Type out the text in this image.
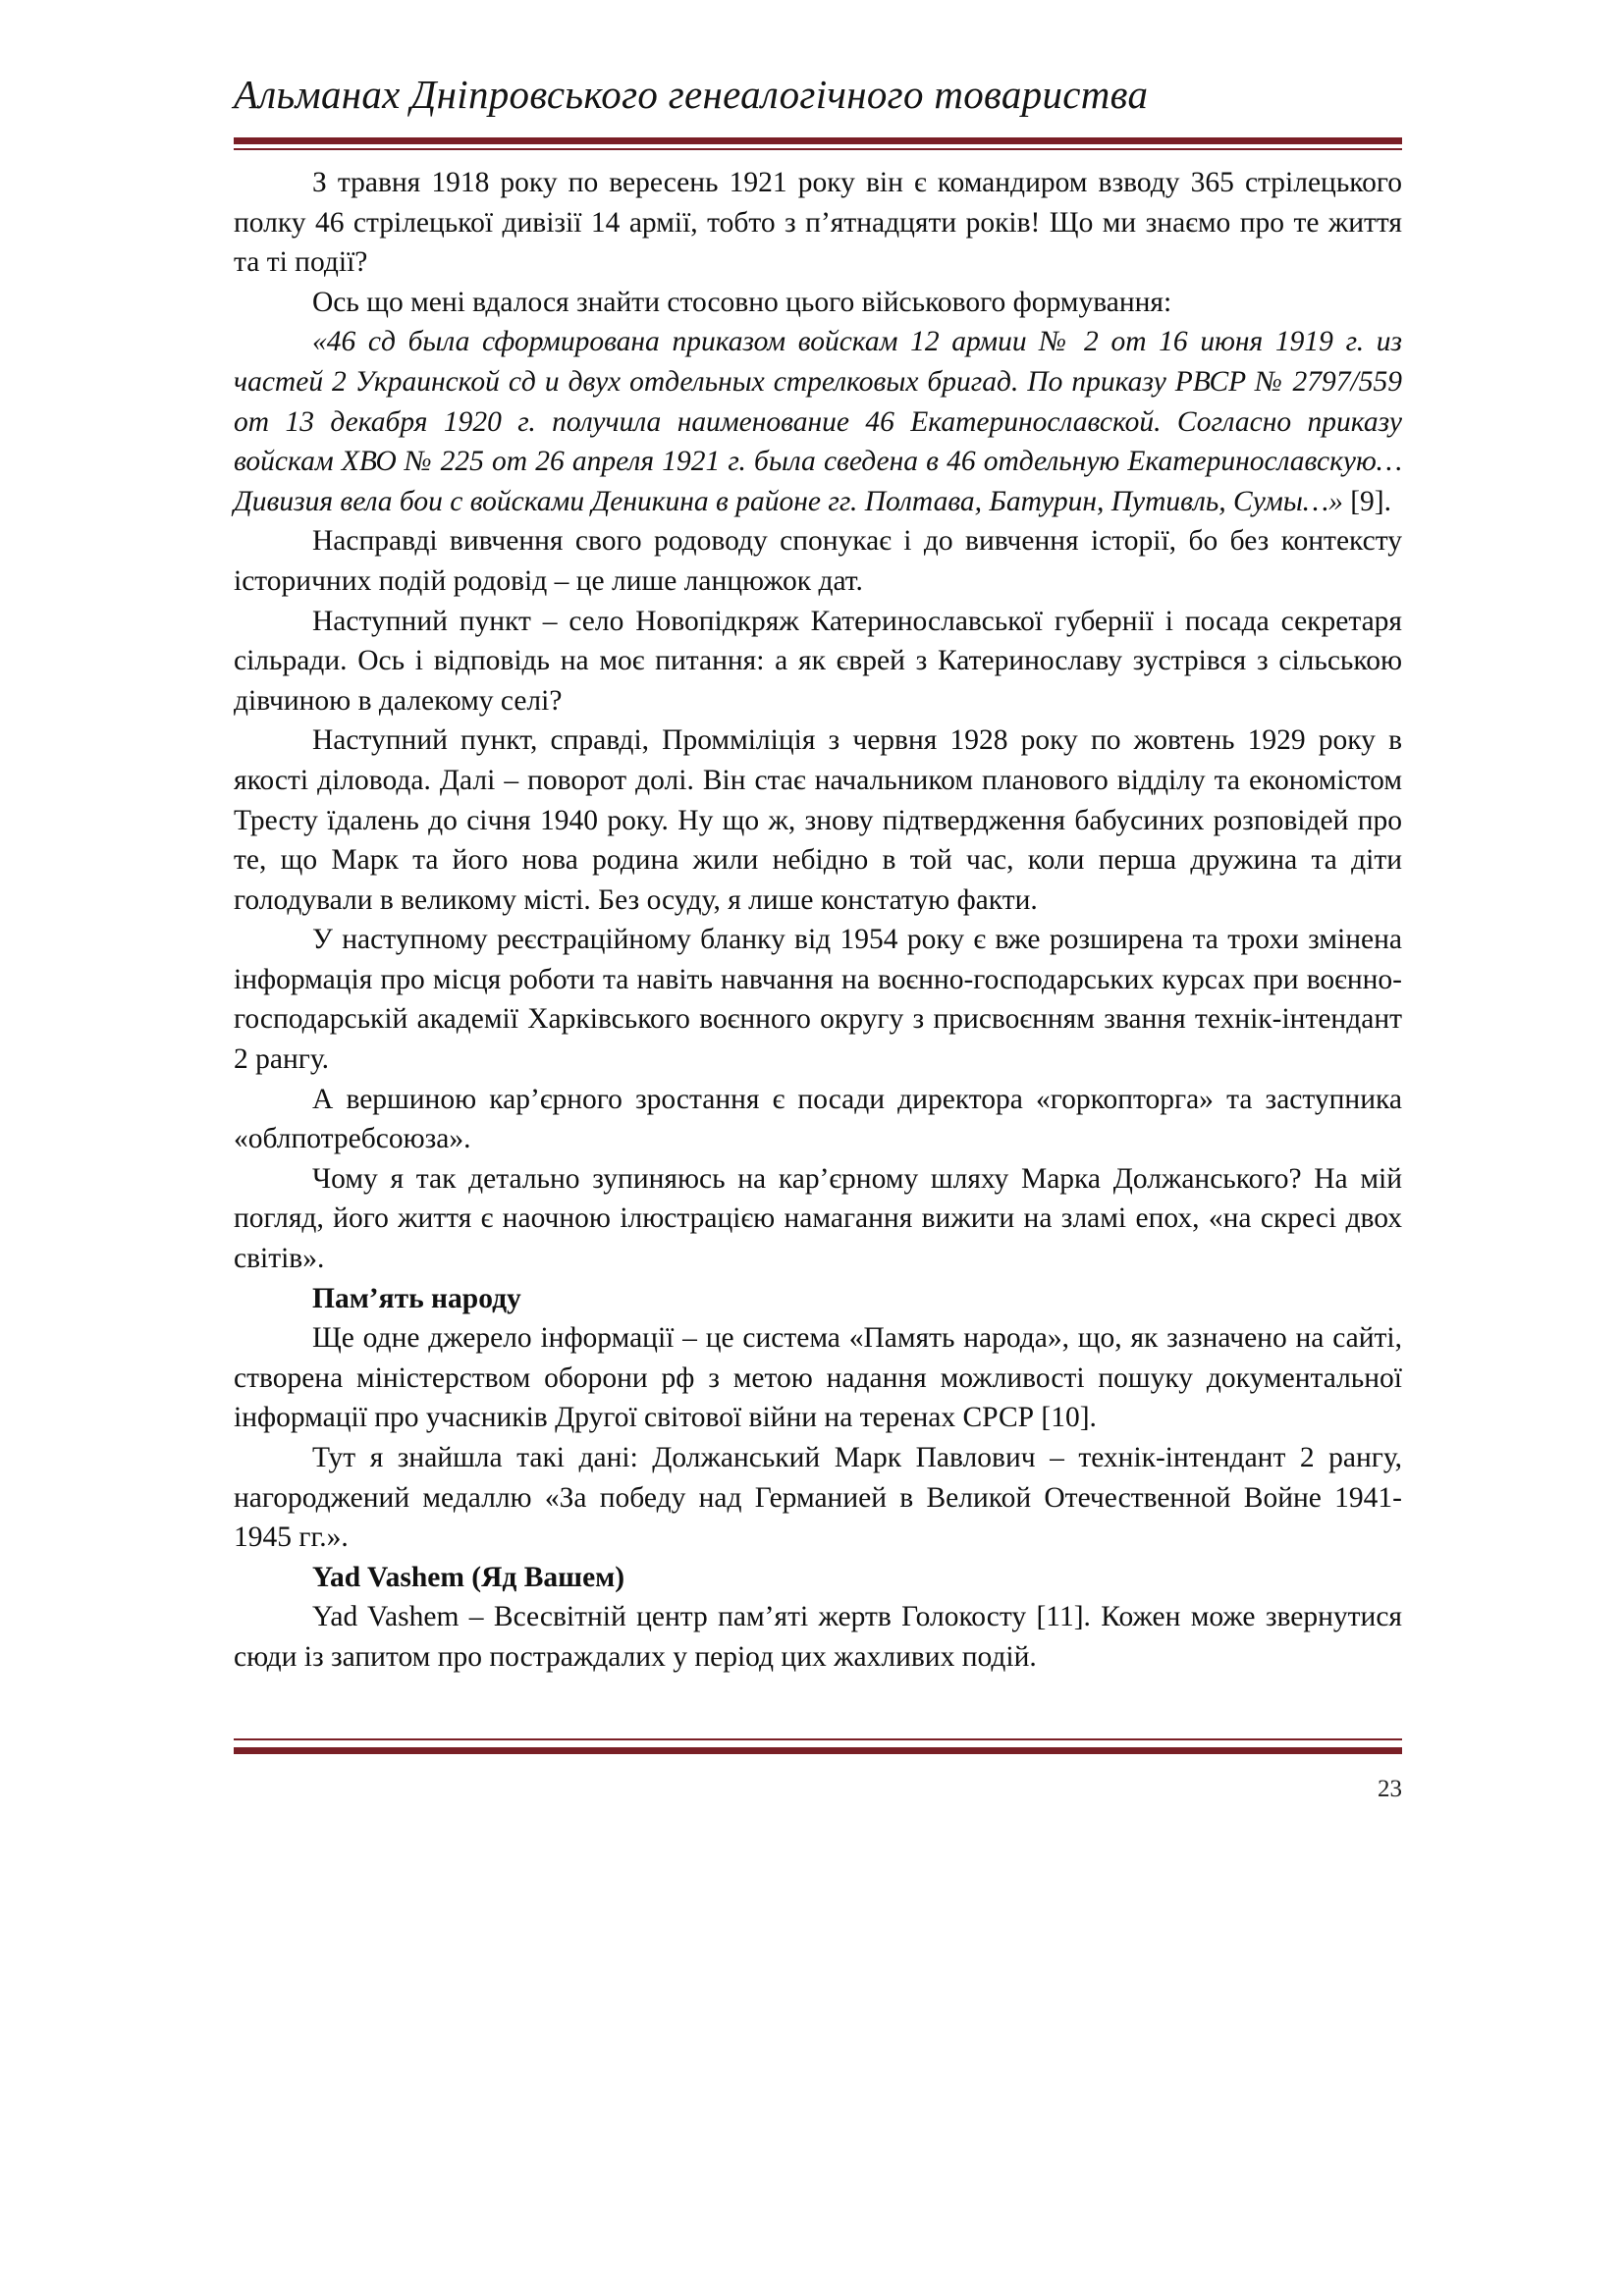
Альманах Дніпровського генеалогічного товариства

З травня 1918 року по вересень 1921 року він є командиром взводу 365 стрілецького полку 46 стрілецької дивізії 14 армії, тобто з п’ятнадцяти років! Що ми знаємо про те життя та ті події?

Ось що мені вдалося знайти стосовно цього військового формування:

«46 сд была сформирована приказом войскам 12 армии № 2 от 16 июня 1919 г. из частей 2 Украинской сд и двух отдельных стрелковых бригад. По приказу РВСР № 2797/559 от 13 декабря 1920 г. получила наименование 46 Екатеринославской. Согласно приказу войскам ХВО № 225 от 26 апреля 1921 г. была сведена в 46 отдельную Екатеринославскую… Дивизия вела бои с войсками Деникина в районе гг. Полтава, Батурин, Путивль, Сумы…» [9].

Насправді вивчення свого родоводу спонукає і до вивчення історії, бо без контексту історичних подій родовід – це лише ланцюжок дат.

Наступний пункт – село Новопідкряж Катеринославської губернії і посада секретаря сільради. Ось і відповідь на моє питання: а як єврей з Катеринославу зустрівся з сільською дівчиною в далекому селі?

Наступний пункт, справді, Промміліція з червня 1928 року по жовтень 1929 року в якості діловода. Далі – поворот долі. Він стає начальником планового відділу та економістом Тресту їдалень до січня 1940 року. Ну що ж, знову підтвердження бабусиних розповідей про те, що Марк та його нова родина жили небідно в той час, коли перша дружина та діти голодували в великому місті. Без осуду, я лише констатую факти.

У наступному реєстраційному бланку від 1954 року є вже розширена та трохи змінена інформація про місця роботи та навіть навчання на воєнно-господарських курсах при воєнно-господарській академії Харківського воєнного округу з присвоєнням звання технік-інтендант 2 рангу.

А вершиною кар’єрного зростання є посади директора «горкопторга» та заступника «облпотребсоюза».

Чому я так детально зупиняюсь на кар’єрному шляху Марка Должанського? На мій погляд, його життя є наочною ілюстрацією намагання вижити на зламі епох, «на скресі двох світів».

Пам’ять народу

Ще одне джерело інформації – це система «Память народа», що, як зазначено на сайті, створена міністерством оборони рф з метою надання можливості пошуку документальної інформації про учасників Другої світової війни на теренах СРСР [10].

Тут я знайшла такі дані: Должанський Марк Павлович – технік-інтендант 2 рангу, нагороджений медаллю «За победу над Германией в Великой Отечественной Войне 1941-1945 гг.».

Yad Vashem (Яд Вашем)

Yad Vashem – Всесвітній центр пам’яті жертв Голокосту [11]. Кожен може звернутися сюди із запитом про постраждалих у період цих жахливих подій.

23
